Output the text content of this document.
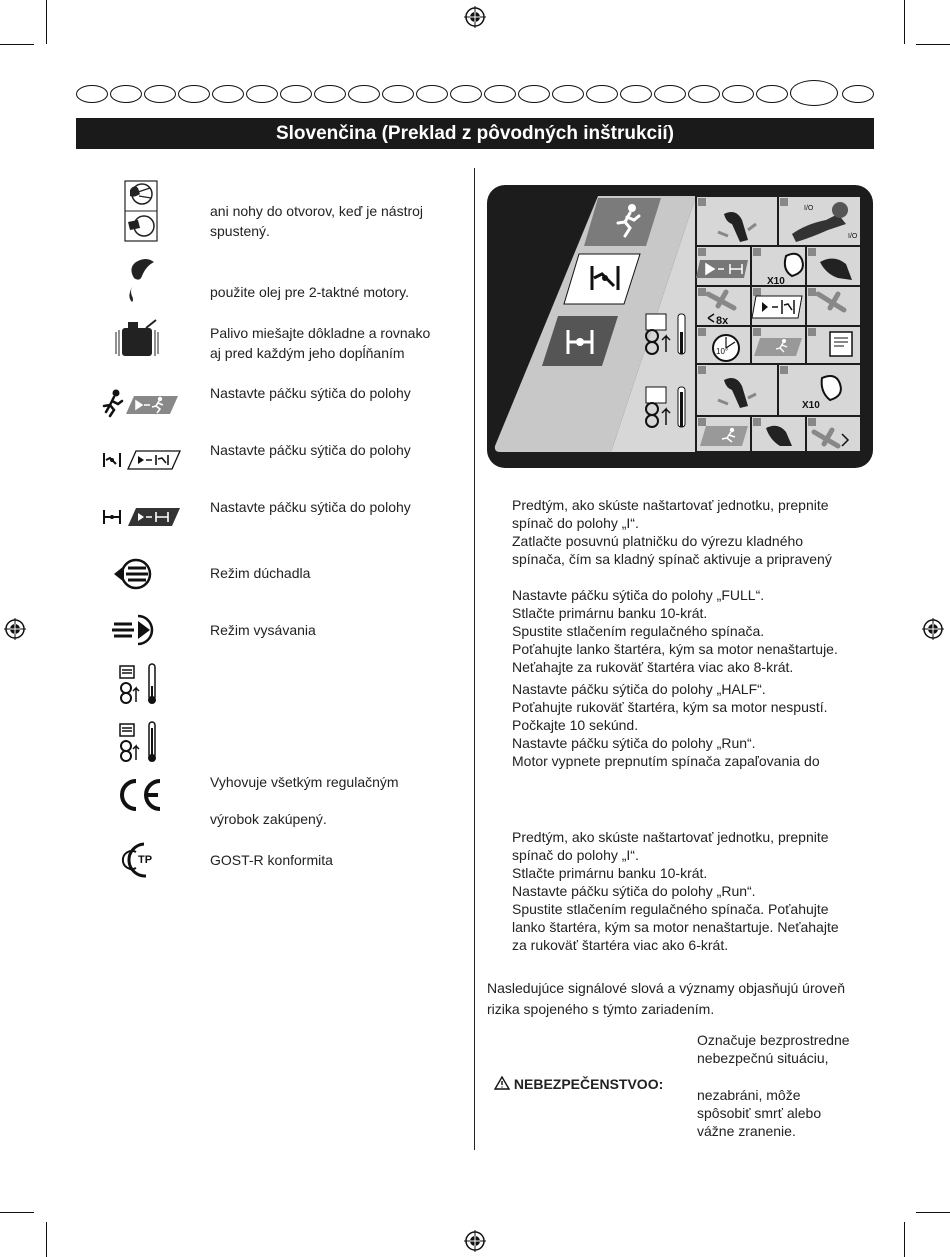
Slovenčina (Preklad z pôvodných inštrukcií)
TP
ani nohy do otvorov, keď je nástroj
spustený.
použite olej pre 2-taktné motory.
Palivo miešajte dôkladne a rovnako
aj pred každým jeho dopĺňaním
Nastavte páčku sýtiča do polohy
Nastavte páčku sýtiča do polohy
Nastavte páčku sýtiča do polohy
Režim dúchadla
Režim vysávania
Vyhovuje všetkým regulačným
výrobok zakúpený.
GOST-R konformita
I/O
I/O
X10
8x
10°
X10
Predtým, ako skúste naštartovať jednotku, prepnite
spínač do polohy „I“.
Zatlačte posuvnú platničku do výrezu kladného
spínača, čím sa kladný spínač aktivuje a pripravený
Nastavte páčku sýtiča do polohy „FULL“.
Stlačte primárnu banku 10-krát.
Spustite stlačením regulačného spínača.
Poťahujte lanko štartéra, kým sa motor nenaštartuje.
Neťahajte za rukoväť štartéra viac ako 8-krát.
Nastavte páčku sýtiča do polohy „HALF“.
Poťahujte rukoväť štartéra, kým sa motor nespustí.
Počkajte 10 sekúnd.
Nastavte páčku sýtiča do polohy „Run“.
Motor vypnete prepnutím spínača zapaľovania do
Predtým, ako skúste naštartovať jednotku, prepnite
spínač do polohy „I“.
Stlačte primárnu banku 10-krát.
Nastavte páčku sýtiča do polohy „Run“.
Spustite stlačením regulačného spínača. Poťahujte
lanko štartéra, kým sa motor nenaštartuje. Neťahajte
za rukoväť štartéra viac ako 6-krát.
Nasledujúce signálové slová a významy objasňujú úroveň
rizika spojeného s týmto zariadením.
NEBEZPEČENSTVOO:
Označuje bezprostredne
nebezpečnú situáciu,
nezabráni, môže
spôsobiť smrť alebo
vážne zranenie.
